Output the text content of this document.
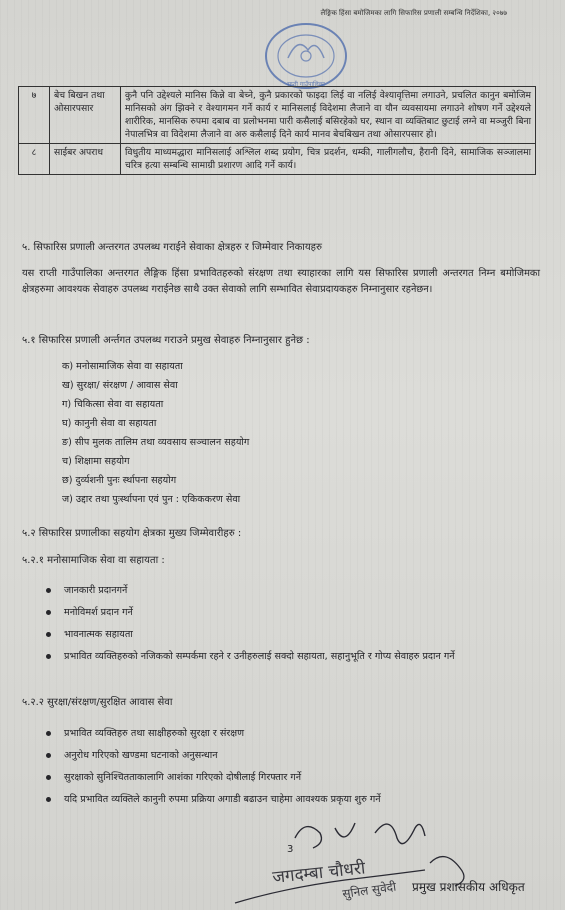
लैङ्गिक हिंसा बमोजिमका लागि सिफारिस प्रणाली सम्बन्धि निर्देशिका, २०७७
राप्ती गाउँपालिका
७	बेच बिखन तथा ओसारपसार	कुनै पनि उद्देश्यले मानिस किन्ने वा बेच्ने, कुनै प्रकारको फाइदा लिई वा नलिई वेश्यावृत्तिमा लगाउने, प्रचलित कानुन बमोजिम मानिसको अंग झिक्ने र वेश्यागमन गर्ने कार्य र मानिसलाई विदेशमा लैजाने वा यौन व्यवसायमा लगाउने शोषण गर्ने उद्देश्यले शारीरिक, मानसिक रुपमा दबाब वा प्रलोभनमा पारी कसैलाई बसिरहेको घर, स्थान वा व्यक्तिबाट छुटाई लग्ने वा मञ्जुरी बिना नेपालभित्र वा विदेशमा लैजाने वा अरु कसैलाई दिने कार्य मानव बेचबिखन तथा ओसारपसार हो।
८	साईबर अपराध	विधुतीय माध्यमद्धारा मानिसलाई अश्लिल शब्द प्रयोग, चित्र प्रदर्शन, धम्की, गालीगलौच, हैरानी दिने, सामाजिक सञ्जालमा चरित्र हत्या सम्बन्धि सामाग्री प्रशारण आदि गर्ने कार्य।
५. सिफारिस प्रणाली अन्तरगत उपलब्ध गराईने सेवाका क्षेत्रहरु र जिम्मेवार निकायहरु
यस राप्ती गाउँपालिका अन्तरगत लैङ्गिक हिंसा प्रभावितहरुको संरक्षण तथा स्याहारका लागि यस सिफारिस प्रणाली अन्तरगत निम्न बमोजिमका क्षेत्रहरुमा आवश्यक सेवाहरु उपलब्ध गराईनेछ साथै उक्त सेवाको लागि सम्भावित सेवाप्रदायकहरु निम्नानुसार रहनेछन।
५.१ सिफारिस प्रणाली अर्न्तगत उपलब्ध गराउने प्रमुख सेवाहरु निम्नानुसार हुनेछ :
क) मनोसामाजिक सेवा वा सहायता
ख) सुरक्षा/ संरक्षण / आवास सेवा
ग) चिकित्सा सेवा वा सहायता
घ) कानुनी सेवा वा सहायता
ङ) सीप मुलक तालिम तथा व्यवसाय सञ्चालन सहयोग
च) शिक्षामा सहयोग
छ) दुर्व्यशनी पुनः र्स्थापना सहयोग
ज) उद्दार तथा पुःर्स्थापना एवं पुन : एकिककरण सेवा
५.२ सिफारिस प्रणालीका सहयोग क्षेत्रका मुख्य जिम्मेवारीहरु :
५.२.१ मनोसामाजिक सेवा वा सहायता :
जानकारी प्रदानगर्ने
मनोविमर्श प्रदान गर्ने
भावनात्मक सहायता
प्रभावित व्यक्तिहरुको नजिकको सम्पर्कमा रहने र उनीहरुलाई सक्दो सहायता, सहानुभूति र गोप्य सेवाहरु प्रदान गर्ने
५.२.२ सुरक्षा/संरक्षण/सुरक्षित आवास सेवा
प्रभावित व्यक्तिहरु तथा साक्षीहरुको सुरक्षा र संरक्षण
अनुरोध गरिएको खण्डमा घटनाको अनुसन्धान
सुरक्षाको सुनिश्चितताकालागि आशंका गरिएको दोषीलाई गिरफ्तार गर्ने
यदि प्रभावित व्यक्तिले कानुनी रुपमा प्रक्रिया अगाडी बढाउन चाहेमा आवश्यक प्रकृया शुरु गर्ने
जगदम्बा चौधरी
सुनिल सुवेदी
3
प्रमुख प्रशासकीय अधिकृत
